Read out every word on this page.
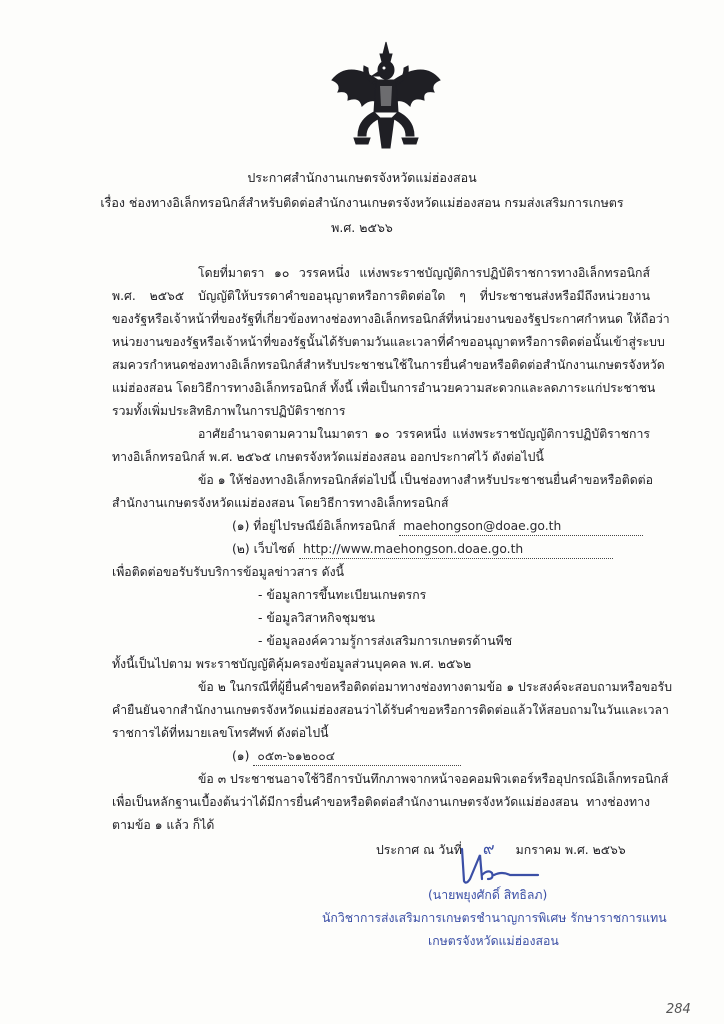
ประกาศสำนักงานเกษตรจังหวัดแม่ฮ่องสอน
เรื่อง ช่องทางอิเล็กทรอนิกส์สำหรับติดต่อสำนักงานเกษตรจังหวัดแม่ฮ่องสอน กรมส่งเสริมการเกษตร
พ.ศ. ๒๕๖๖
โดยที่มาตรา ๑๐ วรรคหนึ่ง แห่งพระราชบัญญัติการปฏิบัติราชการทางอิเล็กทรอนิกส์
พ.ศ. ๒๕๖๕ บัญญัติให้บรรดาคำขออนุญาตหรือการติดต่อใด ๆ ที่ประชาชนส่งหรือมีถึงหน่วยงาน
ของรัฐหรือเจ้าหน้าที่ของรัฐที่เกี่ยวข้องทางช่องทางอิเล็กทรอนิกส์ที่หน่วยงานของรัฐประกาศกำหนด ให้ถือว่า
หน่วยงานของรัฐหรือเจ้าหน้าที่ของรัฐนั้นได้รับตามวันและเวลาที่คำขออนุญาตหรือการติดต่อนั้นเข้าสู่ระบบ
สมควรกำหนดช่องทางอิเล็กทรอนิกส์สำหรับประชาชนใช้ในการยื่นคำขอหรือติดต่อสำนักงานเกษตรจังหวัด
แม่ฮ่องสอน โดยวิธีการทางอิเล็กทรอนิกส์ ทั้งนี้ เพื่อเป็นการอำนวยความสะดวกและลดภาระแก่ประชาชน
รวมทั้งเพิ่มประสิทธิภาพในการปฏิบัติราชการ
อาศัยอำนาจตามความในมาตรา ๑๐ วรรคหนึ่ง แห่งพระราชบัญญัติการปฏิบัติราชการ
ทางอิเล็กทรอนิกส์ พ.ศ. ๒๕๖๕ เกษตรจังหวัดแม่ฮ่องสอน ออกประกาศไว้ ดังต่อไปนี้
ข้อ ๑ ให้ช่องทางอิเล็กทรอนิกส์ต่อไปนี้ เป็นช่องทางสำหรับประชาชนยื่นคำขอหรือติดต่อ
สำนักงานเกษตรจังหวัดแม่ฮ่องสอน โดยวิธีการทางอิเล็กทรอนิกส์
(๑) ที่อยู่ไปรษณีย์อิเล็กทรอนิกส์ maehongson@doae.go.th
(๒) เว็บไซต์ http://www.maehongson.doae.go.th
เพื่อติดต่อขอรับรับบริการข้อมูลข่าวสาร ดังนี้
- ข้อมูลการขึ้นทะเบียนเกษตรกร
- ข้อมูลวิสาหกิจชุมชน
- ข้อมูลองค์ความรู้การส่งเสริมการเกษตรด้านพืช
ทั้งนี้เป็นไปตาม พระราชบัญญัติคุ้มครองข้อมูลส่วนบุคคล พ.ศ. ๒๕๖๒
ข้อ ๒ ในกรณีที่ผู้ยื่นคำขอหรือติดต่อมาทางช่องทางตามข้อ ๑ ประสงค์จะสอบถามหรือขอรับ
คำยืนยันจากสำนักงานเกษตรจังหวัดแม่ฮ่องสอนว่าได้รับคำขอหรือการติดต่อแล้วให้สอบถามในวันและเวลา
ราชการได้ที่หมายเลขโทรศัพท์ ดังต่อไปนี้
(๑) ๐๕๓-๖๑๒๐๐๔
ข้อ ๓ ประชาชนอาจใช้วิธีการบันทึกภาพจากหน้าจอคอมพิวเตอร์หรืออุปกรณ์อิเล็กทรอนิกส์
เพื่อเป็นหลักฐานเบื้องต้นว่าได้มีการยื่นคำขอหรือติดต่อสำนักงานเกษตรจังหวัดแม่ฮ่องสอน ทางช่องทาง
ตามข้อ ๑ แล้ว ก็ได้
ประกาศ ณ วันที่ ๙ มกราคม พ.ศ. ๒๕๖๖
(นายพยุงศักดิ์ สิทธิลภ)
นักวิชาการส่งเสริมการเกษตรชำนาญการพิเศษ รักษาราชการแทน
เกษตรจังหวัดแม่ฮ่องสอน
284
